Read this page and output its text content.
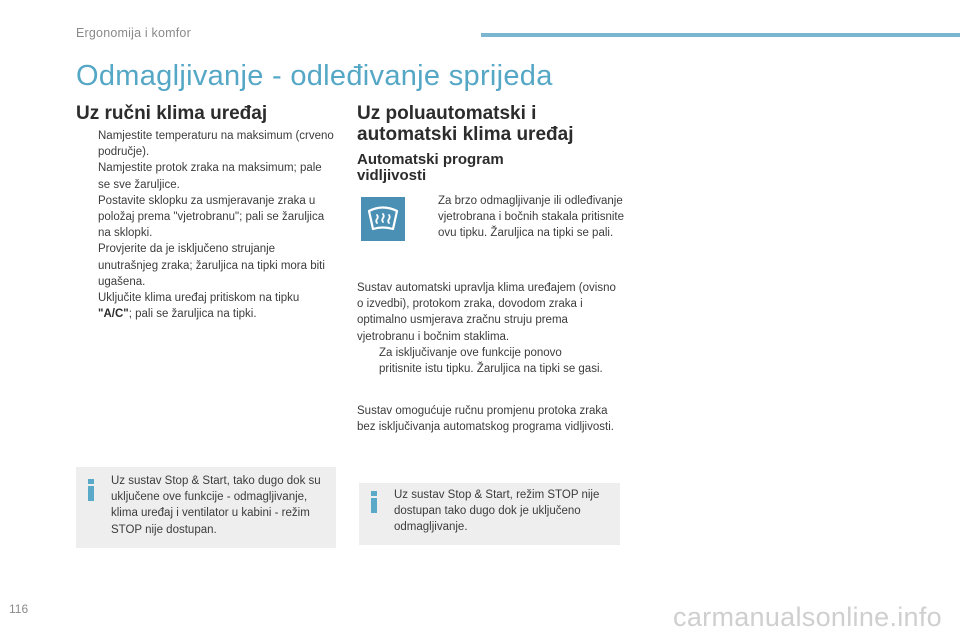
Ergonomija i komfor
Odmagljivanje - odleđivanje sprijeda
Uz ručni klima uređaj
Namjestite temperaturu na maksimum (crveno područje).
Namjestite protok zraka na maksimum; pale se sve žaruljice.
Postavite sklopku za usmjeravanje zraka u položaj prema "vjetrobranu"; pali se žaruljica na sklopki.
Provjerite da je isključeno strujanje unutrašnjeg zraka; žaruljica na tipki mora biti ugašena.
Uključite klima uređaj pritiskom na tipku "A/C"; pali se žaruljica na tipki.
Uz poluautomatski i automatski klima uređaj
Automatski program vidljivosti
Za brzo odmagljivanje ili odleđivanje vjetrobrana i bočnih stakala pritisnite ovu tipku. Žaruljica na tipki se pali.

Sustav automatski upravlja klima uređajem (ovisno o izvedbi), protokom zraka, dovodom zraka i optimalno usmjerava zračnu struju prema vjetrobranu i bočnim staklima.

Za isključivanje ove funkcije ponovo pritisnite istu tipku. Žaruljica na tipki se gasi.

Sustav omogućuje ručnu promjenu protoka zraka bez isključivanja automatskog programa vidljivosti.

Uz sustav Stop & Start, tako dugo dok su uključene ove funkcije - odmagljivanje, klima uređaj i ventilator u kabini - režim STOP nije dostupan.

Uz sustav Stop & Start, režim STOP nije dostupan tako dugo dok je uključeno odmagljivanje.

116	carmanualsonline.info
